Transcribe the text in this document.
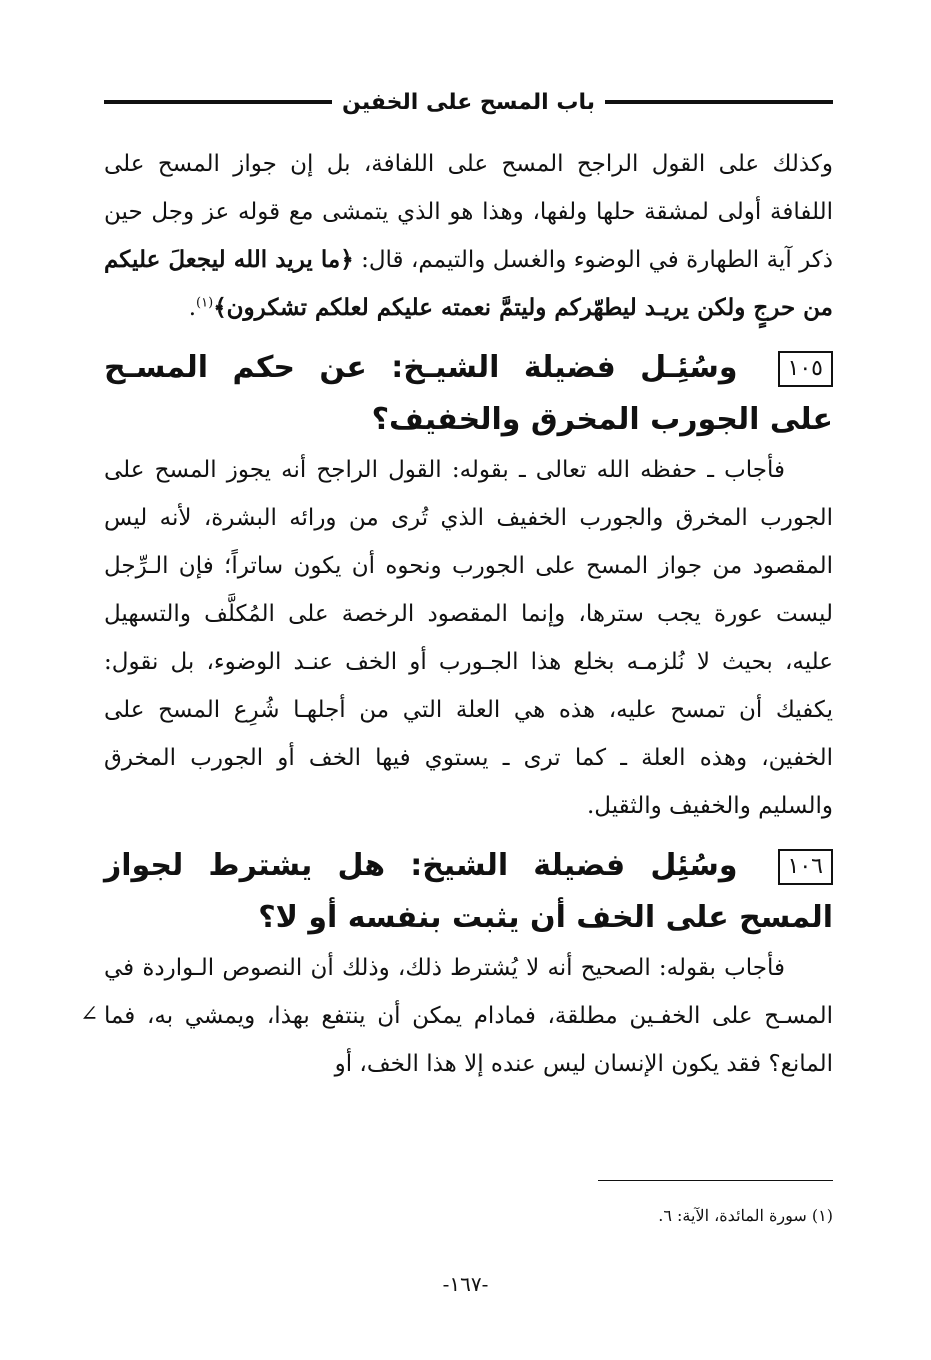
باب المسح على الخفين

وكذلك على القول الراجح المسح على اللفافة، بل إن جواز المسح على اللفافة أولى لمشقة حلها ولفها، وهذا هو الذي يتمشى مع قوله عز وجل حين ذكر آية الطهارة في الوضوء والغسل والتيمم، قال: ﴿ما يريد الله ليجعلَ عليكم من حرجٍ ولكن يريـد ليطهّركم وليتمَّ نعمته عليكم لعلكم تشكرون﴾$^{(١)}$.

١٠٥وسُئِـل فضيلة الشيـخ: عن حكم المسـح على الجورب المخرق والخفيف؟

فأجاب ـ حفظه الله تعالى ـ بقوله: القول الراجح أنه يجوز المسح على الجورب المخرق والجورب الخفيف الذي تُرى من ورائه البشرة، لأنه ليس المقصود من جواز المسح على الجورب ونحوه أن يكون ساتراً؛ فإن الـرِّجل ليست عورة يجب سترها، وإنما المقصود الرخصة على المُكلَّف والتسهيل عليه، بحيث لا نُلزمـه بخلع هذا الجـورب أو الخف عنـد الوضوء، بل نقول: يكفيك أن تمسح عليه، هذه هي العلة التي من أجلهـا شُرِع المسح على الخفين، وهذه العلة ـ كما ترى ـ يستوي فيها الخف أو الجورب المخرق والسليم والخفيف والثقيل.

١٠٦وسُئِل فضيلة الشيخ: هل يشترط لجواز المسح على الخف أن يثبت بنفسه أو لا؟

فأجاب بقوله: الصحيح أنه لا يُشترط ذلك، وذلك أن النصوص الـواردة في المسـح على الخفـين مطلقة، فمادام يمكن أن ينتفع بهذا، ويمشي به، فما المانع؟ فقد يكون الإنسان ليس عنده إلا هذا الخف، أو

∠
(١) سورة المائدة، الآية: ٦.
-١٦٧-
